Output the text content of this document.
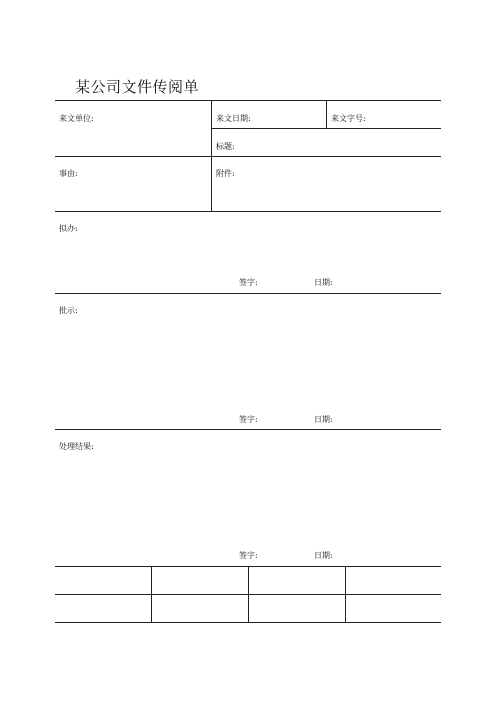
某公司文件传阅单
来文单位:	来文日期:	来文字号:
标题:
事由:	附件:
拟办:
签字:	日期:
批示:
签字:	日期:
处理结果:
签字:	日期:
